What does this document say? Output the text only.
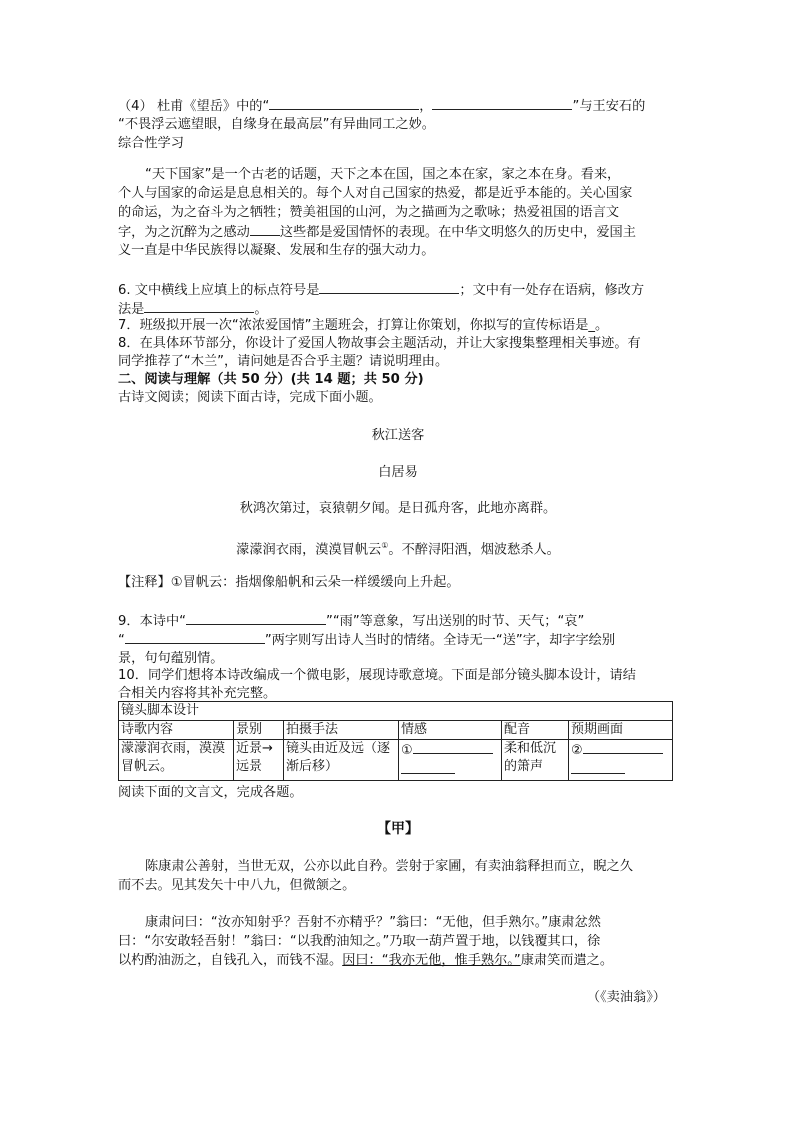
（4） 杜甫《望岳》中的“	，	”与王安石的
“不畏浮云遮望眼，自缘身在最高层”有异曲同工之妙。
综合性学习
“天下国家”是一个古老的话题，天下之本在国，国之本在家，家之本在身。看来，
个人与国家的命运是息息相关的。每个人对自己国家的热爱，都是近乎本能的。关心国家
的命运，为之奋斗为之牺牲；赞美祖国的山河，为之描画为之歌咏；热爱祖国的语言文
字，为之沉醉为之感动 这些都是爱国情怀的表现。在中华文明悠久的历史中，爱国主
义一直是中华民族得以凝聚、发展和生存的强大动力。
6. 文中横线上应填上的标点符号是	；文中有一处存在语病，修改方
法是	。
7．班级拟开展一次“浓浓爱国情”主题班会，打算让你策划，你拟写的宣传标语是_。
8．在具体环节部分，你设计了爱国人物故事会主题活动，并让大家搜集整理相关事迹。有
同学推荐了“木兰”，请问她是否合乎主题？请说明理由。
二、阅读与理解（共 50 分）(共 14 题；共 50 分)
古诗文阅读；阅读下面古诗，完成下面小题。
秋江送客
白居易
秋鸿次第过，哀猿朝夕闻。是日孤舟客，此地亦离群。
濛濛润衣雨，漠漠冒帆云①。不醉浔阳酒，烟波愁杀人。
【注释】①冒帆云：指烟像船帆和云朵一样缓缓向上升起。
9．本诗中“	”“雨”等意象，写出送别的时节、天气；“哀”
“	”两字则写出诗人当时的情绪。全诗无一“送”字，却字字绘别
景，句句蕴别情。
10．同学们想将本诗改编成一个微电影，展现诗歌意境。下面是部分镜头脚本设计，请结
合相关内容将其补充完整。
镜头脚本设计					
诗歌内容	景别	拍摄手法	情感	配音	预期画面
濛濛润衣雨，漠漠冒帆云。	近景→远景	镜头由近及远（逐渐后移）	①	柔和低沉的箫声	②

阅读下面的文言文，完成各题。
【甲】
陈康肃公善射，当世无双，公亦以此自矜。尝射于家圃，有卖油翁释担而立，睨之久
而不去。见其发矢十中八九，但微颔之。
康肃问曰：“汝亦知射乎？吾射不亦精乎？”翁曰：“无他，但手熟尔。”康肃忿然
曰：“尔安敢轻吾射！”翁曰：“以我酌油知之。”乃取一葫芦置于地，以钱覆其口，徐
以杓酌油沥之，自钱孔入，而钱不湿。因曰：“我亦无他，惟手熟尔。”康肃笑而遣之。
（《卖油翁》）
